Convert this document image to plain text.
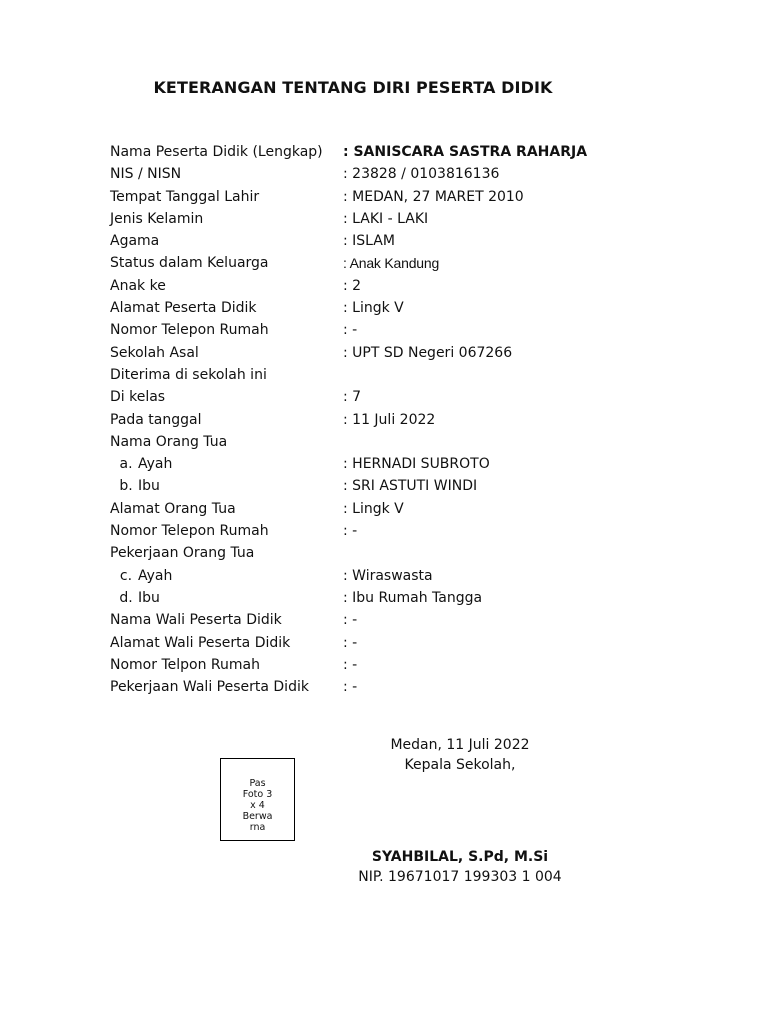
KETERANGAN TENTANG DIRI PESERTA DIDIK
Nama Peserta Didik (Lengkap) : SANISCARA SASTRA RAHARJA
NIS / NISN	: 23828 / 0103816136
Tempat Tanggal Lahir	: MEDAN, 27 MARET 2010
Jenis Kelamin	: LAKI - LAKI
Agama	: ISLAM
Status dalam Keluarga	: Anak Kandung
Anak ke	: 2
Alamat Peserta Didik	: Lingk V
Nomor Telepon Rumah	: -
Sekolah Asal	: UPT SD Negeri 067266
Diterima di sekolah ini
Di kelas	: 7
Pada tanggal	: 11 Juli 2022
Nama Orang Tua
a. Ayah	: HERNADI SUBROTO
b. Ibu	: SRI ASTUTI WINDI
Alamat Orang Tua	: Lingk V
Nomor Telepon Rumah	: -
Pekerjaan Orang Tua
c. Ayah	: Wiraswasta
d. Ibu	: Ibu Rumah Tangga
Nama Wali Peserta Didik	: -
Alamat Wali Peserta Didik	: -
Nomor Telpon Rumah	: -
Pekerjaan Wali Peserta Didik : -
Medan, 11 Juli 2022
Kepala Sekolah,
Pas
Foto 3
x 4
Berwa
rna
SYAHBILAL, S.Pd, M.Si
NIP. 19671017 199303 1 004
